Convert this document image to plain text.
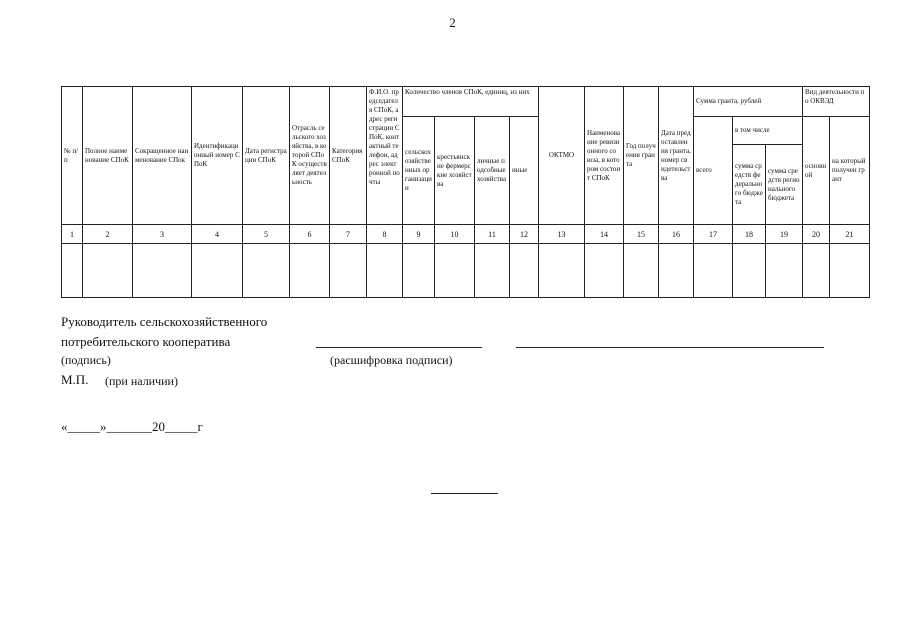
2
№ п/п	Полное наименование СПоК	Сокращенное наименование СПок	Идентификационный номер СПоК	Дата регистрации СПоК	Отрасль сельского хозяйства, в которой СПоК осуществляет деятельность	Категория СПоК	Ф.И.О. председателя СПоК, адрес регистрации СПоК, контактный телефон, адрес электронной почты	Количество членов СПоК, единиц, из них				ОКТМО	Наименование ревизионного союза, в котором состоит СПоК	Год получения гранта	Дата предоставления гранта, номер свидетельства	Сумма гранта, рублей			Вид деятельности по ОКВЭД	
								сельскохозяйственных организации	крестьянские фермерские хозяйства	личные подсобные хозяйства	иные					всего	в том числе		основной	на который получен грант
																	сумма средств федерального бюджета	сумма средств регионального бюджета		
1	2	3	4	5	6	7	8	9	10	11	12	13	14	15	16	17	18	19	20	21

Руководитель сельскохозяйственного
потребительского кооператива
(подпись)	(расшифровка подписи)
М.П. (при наличии)
«_____»_______20_____г
